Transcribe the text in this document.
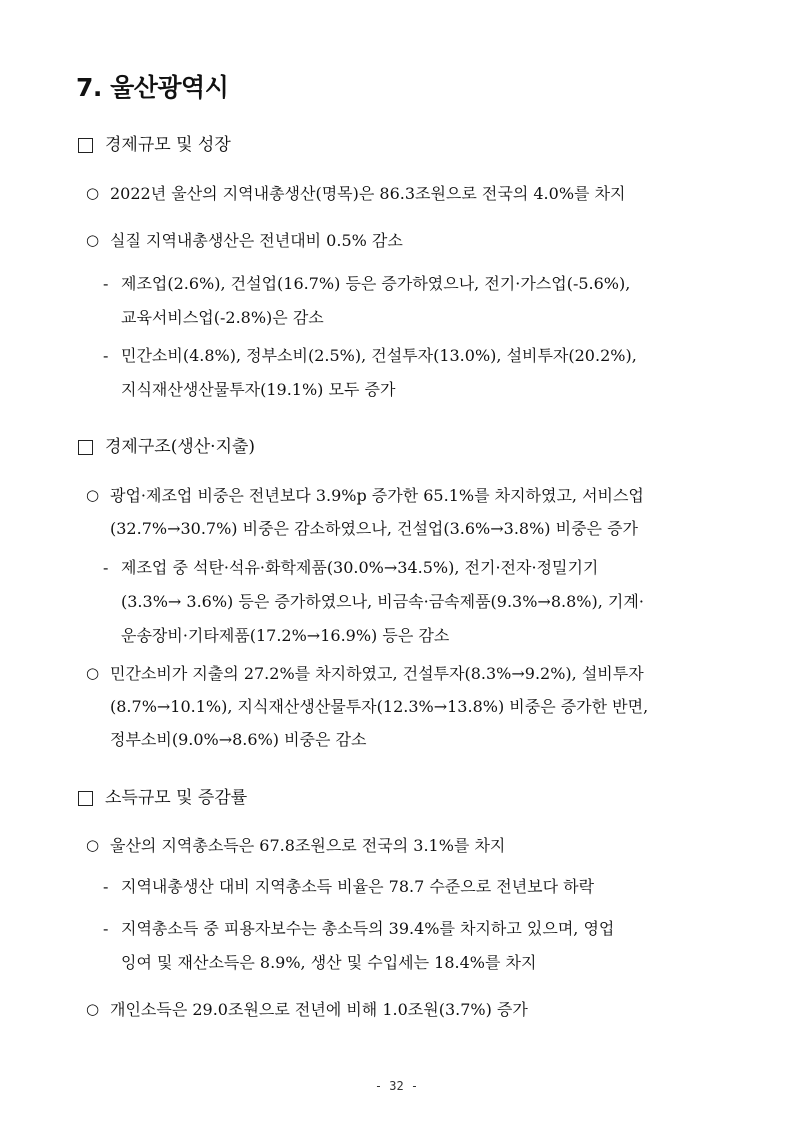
7. 울산광역시
경제규모 및 성장
○ 2022년 울산의 지역내총생산(명목)은 86.3조원으로 전국의 4.0%를 차지
○ 실질 지역내총생산은 전년대비 0.5% 감소
- 제조업(2.6%), 건설업(16.7%) 등은 증가하였으나, 전기·가스업(-5.6%),
교육서비스업(-2.8%)은 감소
- 민간소비(4.8%), 정부소비(2.5%), 건설투자(13.0%), 설비투자(20.2%),
지식재산생산물투자(19.1%) 모두 증가
경제구조(생산·지출)
○ 광업·제조업 비중은 전년보다 3.9%p 증가한 65.1%를 차지하였고, 서비스업
(32.7%→30.7%) 비중은 감소하였으나, 건설업(3.6%→3.8%) 비중은 증가
- 제조업 중 석탄·석유·화학제품(30.0%→34.5%), 전기·전자·정밀기기
(3.3%→ 3.6%) 등은 증가하였으나, 비금속·금속제품(9.3%→8.8%), 기계·
운송장비·기타제품(17.2%→16.9%) 등은 감소
○ 민간소비가 지출의 27.2%를 차지하였고, 건설투자(8.3%→9.2%), 설비투자
(8.7%→10.1%), 지식재산생산물투자(12.3%→13.8%) 비중은 증가한 반면,
정부소비(9.0%→8.6%) 비중은 감소
소득규모 및 증감률
○ 울산의 지역총소득은 67.8조원으로 전국의 3.1%를 차지
- 지역내총생산 대비 지역총소득 비율은 78.7 수준으로 전년보다 하락
- 지역총소득 중 피용자보수는 총소득의 39.4%를 차지하고 있으며, 영업
잉여 및 재산소득은 8.9%, 생산 및 수입세는 18.4%를 차지
○ 개인소득은 29.0조원으로 전년에 비해 1.0조원(3.7%) 증가

- 32 -
